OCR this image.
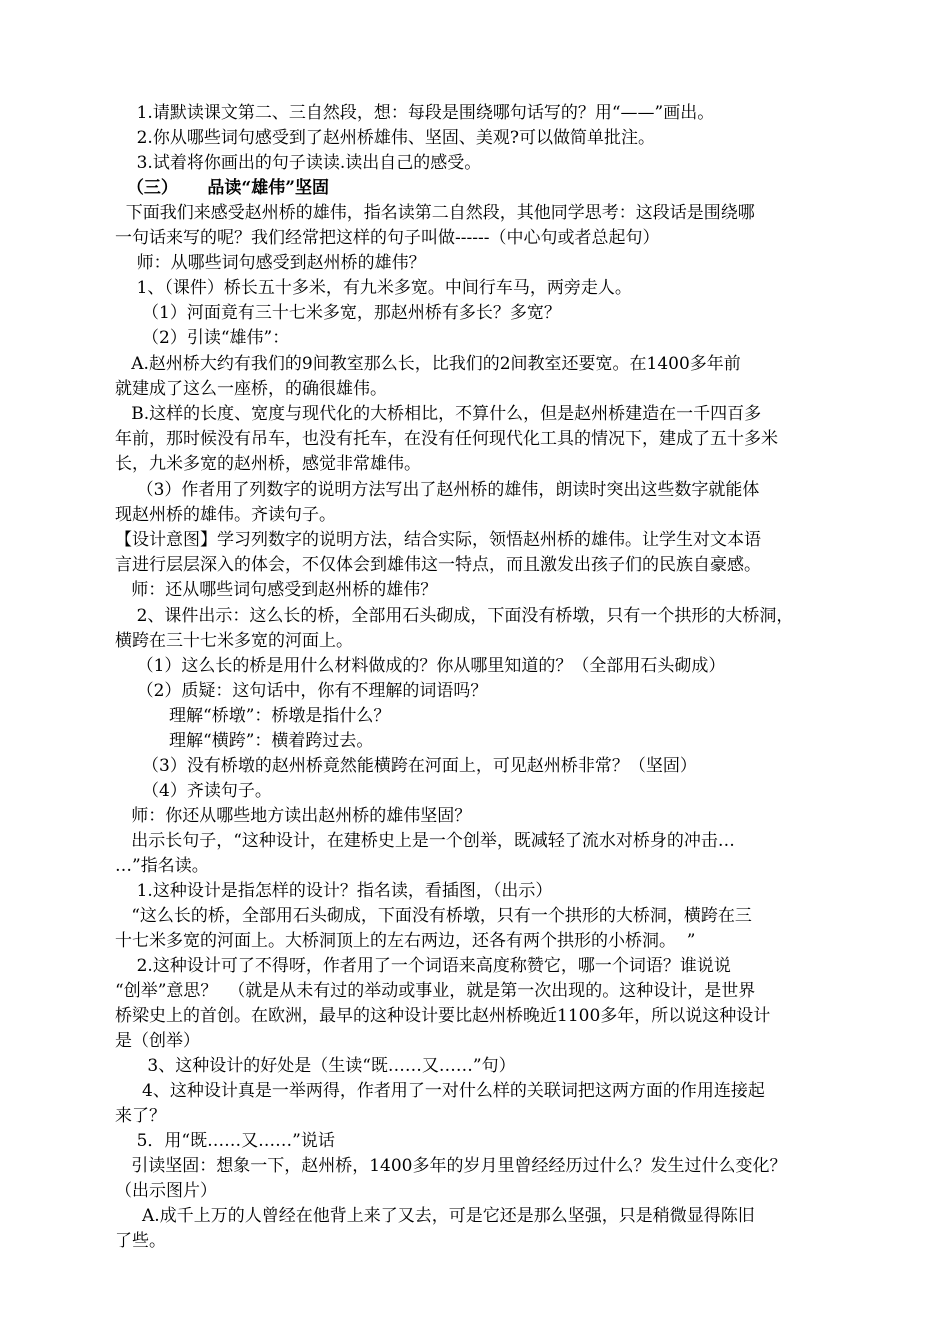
1.请默读课文第二、三自然段，想：每段是围绕哪句话写的？用“——”画出。
2.你从哪些词句感受到了赵州桥雄伟、坚固、美观?可以做简单批注。
3.试着将你画出的句子读读.读出自己的感受。
（三）     品读“雄伟”坚固
下面我们来感受赵州桥的雄伟，指名读第二自然段，其他同学思考：这段话是围绕哪
一句话来写的呢？我们经常把这样的句子叫做------（中心句或者总起句）
师：从哪些词句感受到赵州桥的雄伟？
1、（课件）桥长五十多米，有九米多宽。中间行车马，两旁走人。
（1）河面竟有三十七米多宽，那赵州桥有多长？多宽？
（2）引读“雄伟”：
A.赵州桥大约有我们的9间教室那么长，比我们的2间教室还要宽。在1400多年前
就建成了这么一座桥，的确很雄伟。
B.这样的长度、宽度与现代化的大桥相比，不算什么，但是赵州桥建造在一千四百多
年前，那时候没有吊车，也没有托车，在没有任何现代化工具的情况下，建成了五十多米
长，九米多宽的赵州桥，感觉非常雄伟。
（3）作者用了列数字的说明方法写出了赵州桥的雄伟，朗读时突出这些数字就能体
现赵州桥的雄伟。齐读句子。
【设计意图】学习列数字的说明方法，结合实际，领悟赵州桥的雄伟。让学生对文本语
言进行层层深入的体会，不仅体会到雄伟这一特点，而且激发出孩子们的民族自豪感。
师：还从哪些词句感受到赵州桥的雄伟？
2、课件出示：这么长的桥，全部用石头砌成，下面没有桥墩，只有一个拱形的大桥洞，
横跨在三十七米多宽的河面上。
（1）这么长的桥是用什么材料做成的？你从哪里知道的？（全部用石头砌成）
（2）质疑：这句话中，你有不理解的词语吗？
理解“桥墩”：桥墩是指什么？
理解“横跨”：横着跨过去。
（3）没有桥墩的赵州桥竟然能横跨在河面上，可见赵州桥非常？（坚固）
（4）齐读句子。
师：你还从哪些地方读出赵州桥的雄伟坚固？
出示长句子，“这种设计，在建桥史上是一个创举，既减轻了流水对桥身的冲击…
…”指名读。
1.这种设计是指怎样的设计？指名读，看插图，（出示）
“这么长的桥，全部用石头砌成，下面没有桥墩，只有一个拱形的大桥洞，横跨在三
十七米多宽的河面上。大桥洞顶上的左右两边，还各有两个拱形的小桥洞。  ”
2.这种设计可了不得呀，作者用了一个词语来高度称赞它，哪一个词语？谁说说
“创举”意思？  （就是从未有过的举动或事业，就是第一次出现的。这种设计，是世界
桥梁史上的首创。在欧洲，最早的这种设计要比赵州桥晚近1100多年，所以说这种设计
是（创举）
3、这种设计的好处是（生读“既……又……”句）
4、这种设计真是一举两得，作者用了一对什么样的关联词把这两方面的作用连接起
来了？
5．用“既……又……”说话
引读坚固：想象一下，赵州桥，1400多年的岁月里曾经经历过什么？发生过什么变化？
（出示图片）
A.成千上万的人曾经在他背上来了又去，可是它还是那么坚强，只是稍微显得陈旧
了些。
